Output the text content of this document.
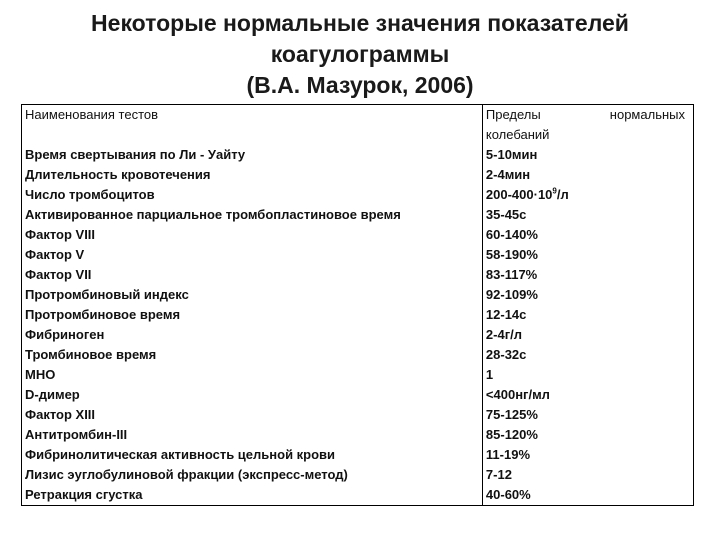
Некоторые нормальные значения показателей
коагулограммы
(В.А. Мазурок, 2006)
Наименования тестов	Пределы нормальных
колебаний

Время свертывания по Ли - Уайту	5-10мин
Длительность кровотечения	2-4мин
Число тромбоцитов	$200-400\cdot 10^9/л$
Активированное парциальное тромбопластиновое время	35-45с
Фактор VIII	60-140%
Фактор V	58-190%
Фактор VII	83-117%
Протромбиновый индекс	92-109%
Протромбиновое время	12-14с
Фибриноген	2-4г/л
Тромбиновое время	28-32с
МНО	1
D-димер	<400нг/мл
Фактор XIII	75-125%
Антитромбин-III	85-120%
Фибринолитическая активность цельной крови	11-19%
Лизис эуглобулиновой фракции (экспресс-метод)	7-12
Ретракция сгустка	40-60%
